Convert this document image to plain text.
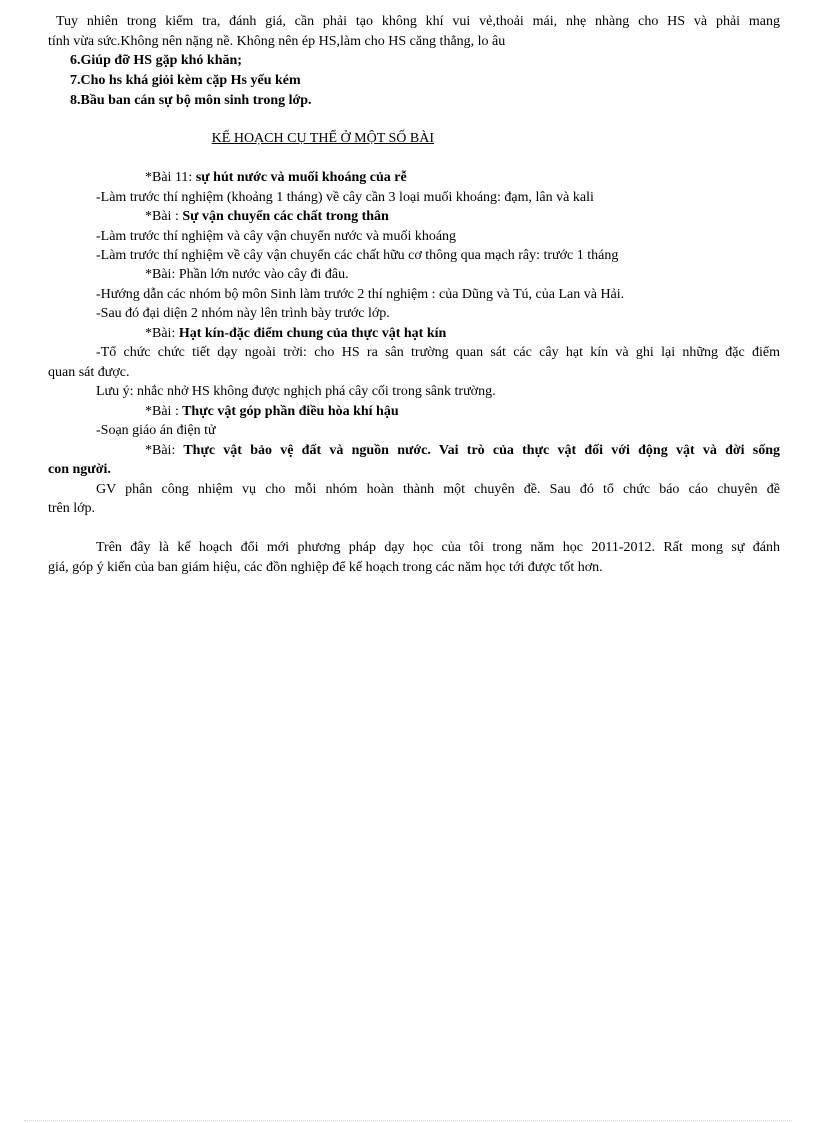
Tuy nhiên trong kiểm tra, đánh giá, cần phải tạo không khí vui vẻ,thoải mái, nhẹ nhàng cho HS và phải mang
tính vừa sức.Không nên nặng nề. Không nên ép HS,làm cho HS căng thẳng, lo âu
6.Giúp đỡ HS gặp khó khăn;
7.Cho hs khá giỏi kèm cặp Hs yếu kém
8.Bầu ban cán sự bộ môn sinh trong lớp.
KẾ HOẠCH CỤ THỂ Ở MỘT SỐ BÀI
*Bài 11: sự hút nước và muối khoáng của rễ
-Làm trước thí nghiệm (khoảng 1 tháng) về cây cần 3 loại muối khoáng: đạm, lân và kali
*Bài : Sự vận chuyển các chất trong thân
-Làm trước thí nghiệm và cây vận chuyển nước và muối khoáng
-Làm trước thí nghiệm về cây vận chuyển các chất hữu cơ thông qua mạch rây: trước 1 tháng
*Bài: Phần lớn nước vào cây đi đâu.
-Hướng dẫn các nhóm bộ môn Sinh làm trước 2 thí nghiệm : của Dũng và Tú, của Lan và Hải.
-Sau đó đại diện 2 nhóm này lên trình bày trước lớp.
*Bài: Hạt kín-đặc điểm chung của thực vật hạt kín
-Tổ chức chức tiết dạy ngoài trời: cho HS ra sân trường quan sát các cây hạt kín và ghi lại những đặc điểm
quan sát được.
Lưu ý: nhắc nhở HS không được nghịch phá cây cối trong sânk trường.
*Bài : Thực vật góp phần điều hòa khí hậu
-Soạn giáo án điện tử
*Bài: Thực vật bảo vệ đất và nguồn nước. Vai trò của thực vật đối với động vật và đời sống
con người.
GV phân công nhiệm vụ cho mỗi nhóm hoàn thành một chuyên đề. Sau đó tổ chức báo cáo chuyên đề
trên lớp.
Trên đây là kế hoạch đổi mới phương pháp dạy học của tôi trong năm học 2011-2012. Rất mong sự đánh
giá, góp ý kiến của ban giám hiệu, các đồn nghiệp để kế hoạch trong các năm học tới được tốt hơn.
